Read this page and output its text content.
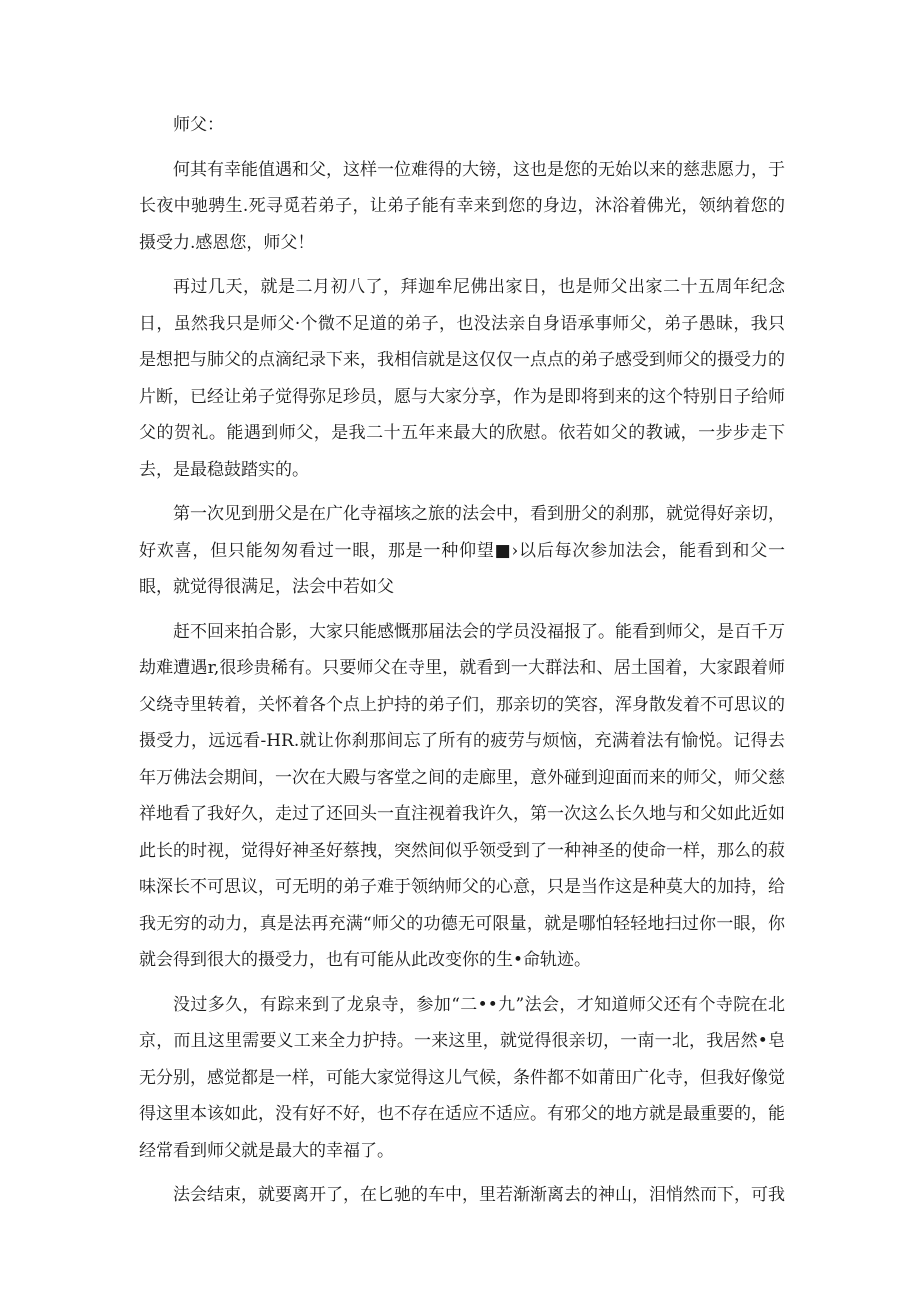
师父：

何其有幸能值遇和父，这样一位难得的大镑，这也是您的无始以来的慈悲愿力，于长夜中驰骋生.死寻觅若弟子，让弟子能有幸来到您的身边，沐浴着佛光，领纳着您的摄受力.感恩您，师父！

再过几天，就是二月初八了，拜迦牟尼佛出家日，也是师父出家二十五周年纪念日，虽然我只是师父·个微不足道的弟子，也没法亲自身语承事师父，弟子愚昧，我只是想把与肺父的点滴纪录下来，我相信就是这仅仅一点点的弟子感受到师父的摄受力的片断，已经让弟子觉得弥足珍员，愿与大家分享，作为是即将到来的这个特别日子给师父的贺礼。能遇到师父，是我二十五年来最大的欣慰。依若如父的教诫，一步步走下去，是最稳鼓踏实的。

第一次见到册父是在广化寺福垓之旅的法会中，看到册父的刹那，就觉得好亲切，好欢喜，但只能匆匆看过一眼，那是一种仰望■›以后每次参加法会，能看到和父一眼，就觉得很满足，法会中若如父

赶不回来拍合影，大家只能感慨那届法会的学员没福报了。能看到师父，是百千万劫难遭遇r,很珍贵稀有。只要师父在寺里，就看到一大群法和、居土国着，大家跟着师父绕寺里转着，关怀着各个点上护持的弟子们，那亲切的笑容，浑身散发着不可思议的摄受力，远远看-HR.就让你刹那间忘了所有的疲劳与烦恼，充满着法有愉悦。记得去年万佛法会期间，一次在大殿与客堂之间的走廊里，意外碰到迎面而来的师父，师父慈祥地看了我好久，走过了还回头一直注视着我许久，第一次这么长久地与和父如此近如此长的时视，觉得好神圣好蔡拽，突然间似乎领受到了一种神圣的使命一样，那么的菽味深长不可思议，可无明的弟子难于领纳师父的心意，只是当作这是种莫大的加持，给我无穷的动力，真是法再充满“师父的功德无可限量，就是哪怕轻轻地扫过你一眼，你就会得到很大的摄受力，也有可能从此改变你的生•命轨迹。

没过多久，有踪来到了龙泉寺，参加“二••九”法会，才知道师父还有个寺院在北京，而且这里需要义工来全力护持。一来这里，就觉得很亲切，一南一北，我居然•皂无分别，感觉都是一样，可能大家觉得这儿气候，条件都不如莆田广化寺，但我好像觉得这里本该如此，没有好不好，也不存在适应不适应。有邪父的地方就是最重要的，能经常看到师父就是最大的幸福了。

法会结束，就要离开了，在匕驰的车中，里若渐渐离去的神山，泪悄然而下，可我
